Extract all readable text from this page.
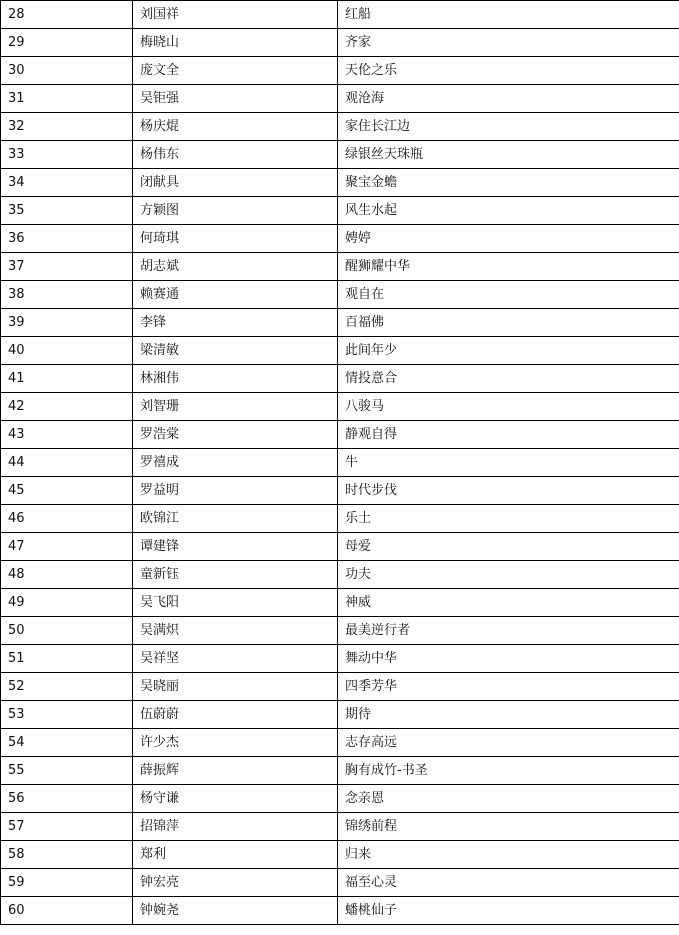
28	刘国祥	红船
29	梅晓山	齐家
30	庞文全	天伦之乐
31	吴钜强	观沧海
32	杨庆焜	家住长江边
33	杨伟东	绿银丝天珠瓶
34	闭献具	聚宝金蟾
35	方颖图	风生水起
36	何琦琪	娉婷
37	胡志斌	醒狮耀中华
38	赖赛通	观自在
39	李锋	百福佛
40	梁清敏	此间年少
41	林湘伟	情投意合
42	刘智珊	八骏马
43	罗浩棠	静观自得
44	罗禧成	牛
45	罗益明	时代步伐
46	欧锦江	乐土
47	谭建锋	母爱
48	童新钰	功夫
49	吴飞阳	神威
50	吴满炽	最美逆行者
51	吴祥坚	舞动中华
52	吴晓丽	四季芳华
53	伍蔚蔚	期待
54	许少杰	志存高远
55	薛振辉	胸有成竹-书圣
56	杨守谦	念亲恩
57	招锦萍	锦绣前程
58	郑利	归来
59	钟宏亮	福至心灵
60	钟婉尧	蟠桃仙子
